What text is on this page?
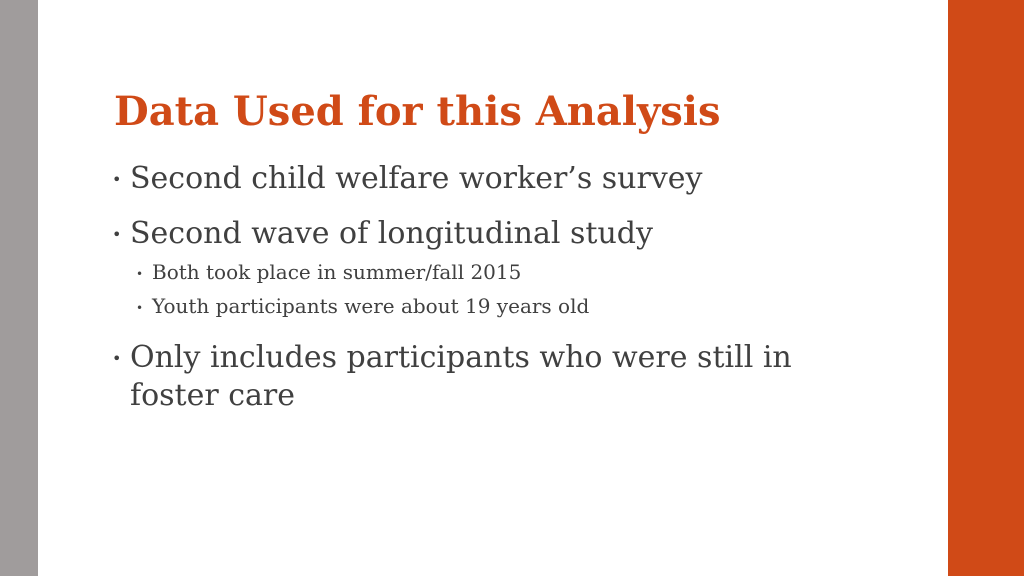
Data Used for this Analysis
• Second child welfare worker’s survey
• Second wave of longitudinal study
• Both took place in summer/fall 2015
• Youth participants were about 19 years old
• Only includes participants who were still in foster care
